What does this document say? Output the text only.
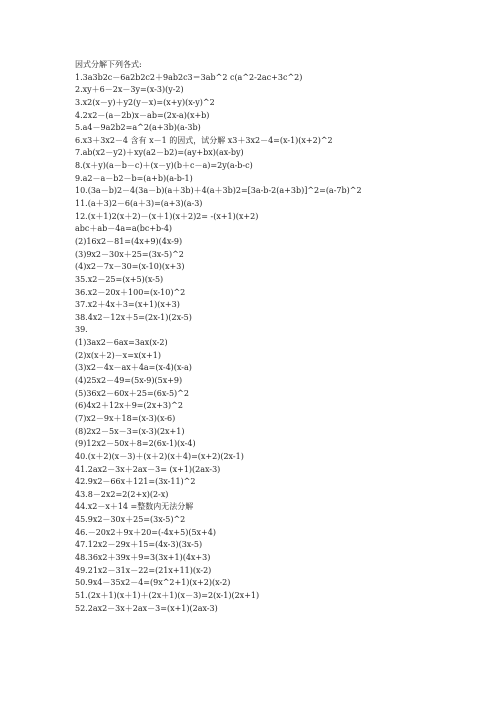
因式分解下列各式:
1.3a3b2c－6a2b2c2＋9ab2c3＝3ab^2 c(a^2-2ac+3c^2)
2.xy＋6－2x－3y=(x-3)(y-2)
3.x2(x－y)＋y2(y－x)=(x+y)(x-y)^2
4.2x2－(a－2b)x－ab=(2x-a)(x+b)
5.a4－9a2b2=a^2(a+3b)(a-3b)
6.x3＋3x2－4 含有 x－1 的因式，试分解 x3＋3x2－4=(x-1)(x+2)^2
7.ab(x2－y2)＋xy(a2－b2)=(ay+bx)(ax-by)
8.(x＋y)(a－b－c)＋(x－y)(b＋c－a)=2y(a-b-c)
9.a2－a－b2－b=(a+b)(a-b-1)
10.(3a－b)2－4(3a－b)(a＋3b)＋4(a＋3b)2=[3a-b-2(a+3b)]^2=(a-7b)^2
11.(a＋3)2－6(a＋3)=(a+3)(a-3)
12.(x＋1)2(x＋2)－(x＋1)(x＋2)2= -(x+1)(x+2)
abc＋ab－4a=a(bc+b-4)
(2)16x2－81=(4x+9)(4x-9)
(3)9x2－30x＋25=(3x-5)^2
(4)x2－7x－30=(x-10)(x+3)
35.x2－25=(x+5)(x-5)
36.x2－20x＋100=(x-10)^2
37.x2＋4x＋3=(x+1)(x+3)
38.4x2－12x＋5=(2x-1)(2x-5)
39.
(1)3ax2－6ax=3ax(x-2)
(2)x(x＋2)－x=x(x+1)
(3)x2－4x－ax＋4a=(x-4)(x-a)
(4)25x2－49=(5x-9)(5x+9)
(5)36x2－60x＋25=(6x-5)^2
(6)4x2＋12x＋9=(2x+3)^2
(7)x2－9x＋18=(x-3)(x-6)
(8)2x2－5x－3=(x-3)(2x+1)
(9)12x2－50x＋8=2(6x-1)(x-4)
40.(x＋2)(x－3)＋(x＋2)(x＋4)=(x+2)(2x-1)
41.2ax2－3x＋2ax－3= (x+1)(2ax-3)
42.9x2－66x＋121=(3x-11)^2
43.8－2x2=2(2+x)(2-x)
44.x2－x＋14 =整数内无法分解
45.9x2－30x＋25=(3x-5)^2
46.－20x2＋9x＋20=(-4x+5)(5x+4)
47.12x2－29x＋15=(4x-3)(3x-5)
48.36x2＋39x＋9=3(3x+1)(4x+3)
49.21x2－31x－22=(21x+11)(x-2)
50.9x4－35x2－4=(9x^2+1)(x+2)(x-2)
51.(2x＋1)(x＋1)＋(2x＋1)(x－3)=2(x-1)(2x+1)
52.2ax2－3x＋2ax－3=(x+1)(2ax-3)
